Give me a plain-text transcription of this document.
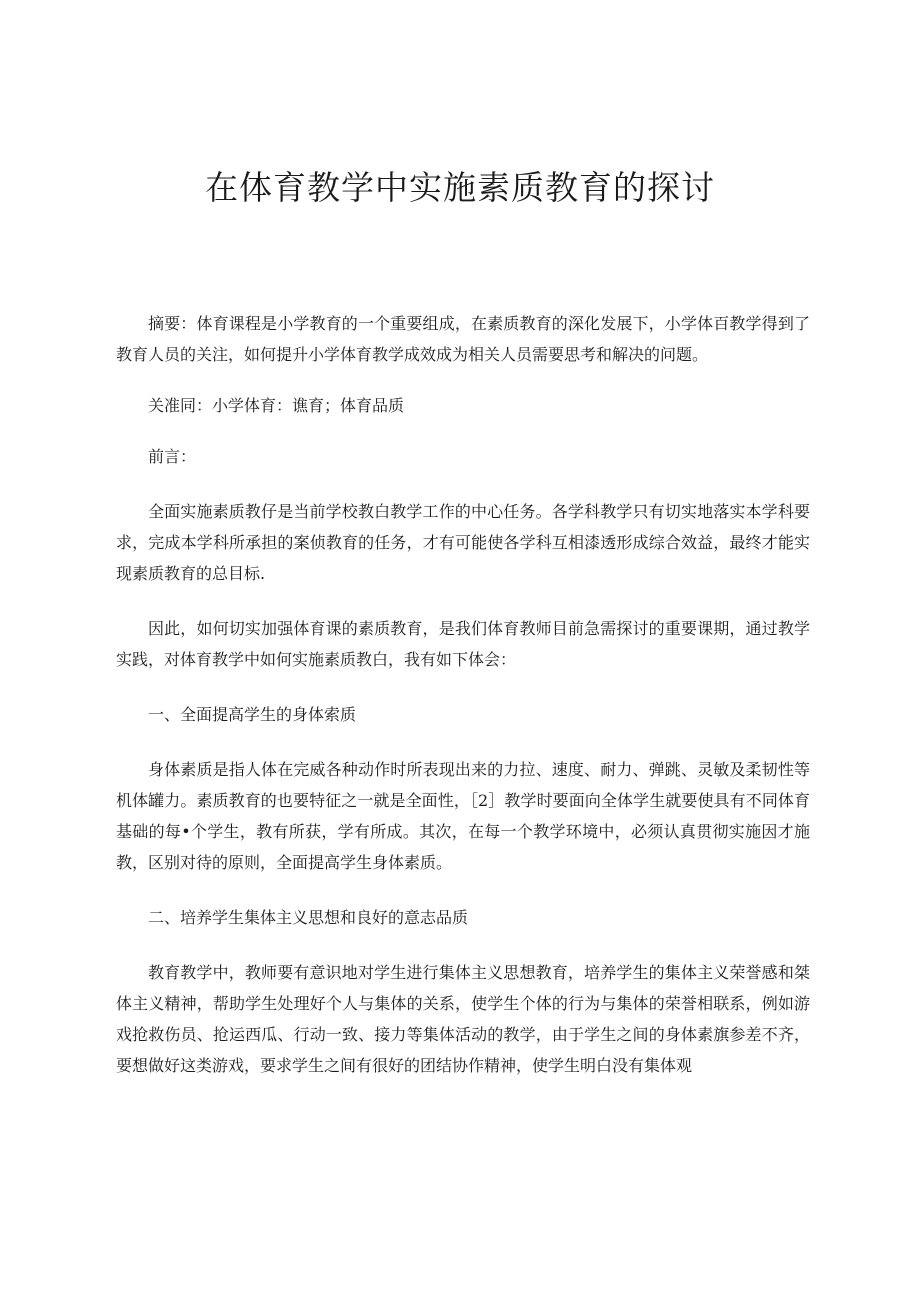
在体育教学中实施素质教育的探讨

摘要：体育课程是小学教育的一个重要组成，在素质教育的深化发展下，小学体百教学得到了教育人员的关注，如何提升小学体育教学成效成为相关人员需要思考和解决的问题。

关准同：小学体育：谯育；体育品质

前言：

全面实施素质教仔是当前学校教白教学工作的中心任务。各学科教学只有切实地落实本学科要求，完成本学科所承担的案侦教育的任务，才有可能使各学科互相漆透形成综合效益，最终才能实现素质教育的总目标.

因此，如何切实加强体育课的素质教育，是我们体育教师目前急需探讨的重要课期，通过教学实践，对体育教学中如何实施素质教白，我有如下体会：

一、全面提高学生的身体索质

身体素质是指人体在完威各种动作时所表现出来的力拉、速度、耐力、弹跳、灵敏及柔韧性等机体罐力。素质教育的也要特征之一就是全面性，［2］教学时要面向全体学生就要使具有不同体育基础的每•个学生，教有所获，学有所成。其次，在每一个教学环境中，必须认真贯彻实施因才施教，区别对待的原则，全面提高学生身体素质。

二、培养学生集体主义思想和良好的意志品质

教育教学中，教师要有意识地对学生进行集体主义思想教育，培养学生的集体主义荣誉感和桀体主义精神，帮助学生处理好个人与集体的关系，使学生个体的行为与集体的荣誉相联系，例如游戏抢救伤员、抢运西瓜、行动一致、接力等集体活动的教学，由于学生之间的身体素旗参差不齐，要想做好这类游戏，要求学生之间有很好的团结协作精神，使学生明白没有集体观
